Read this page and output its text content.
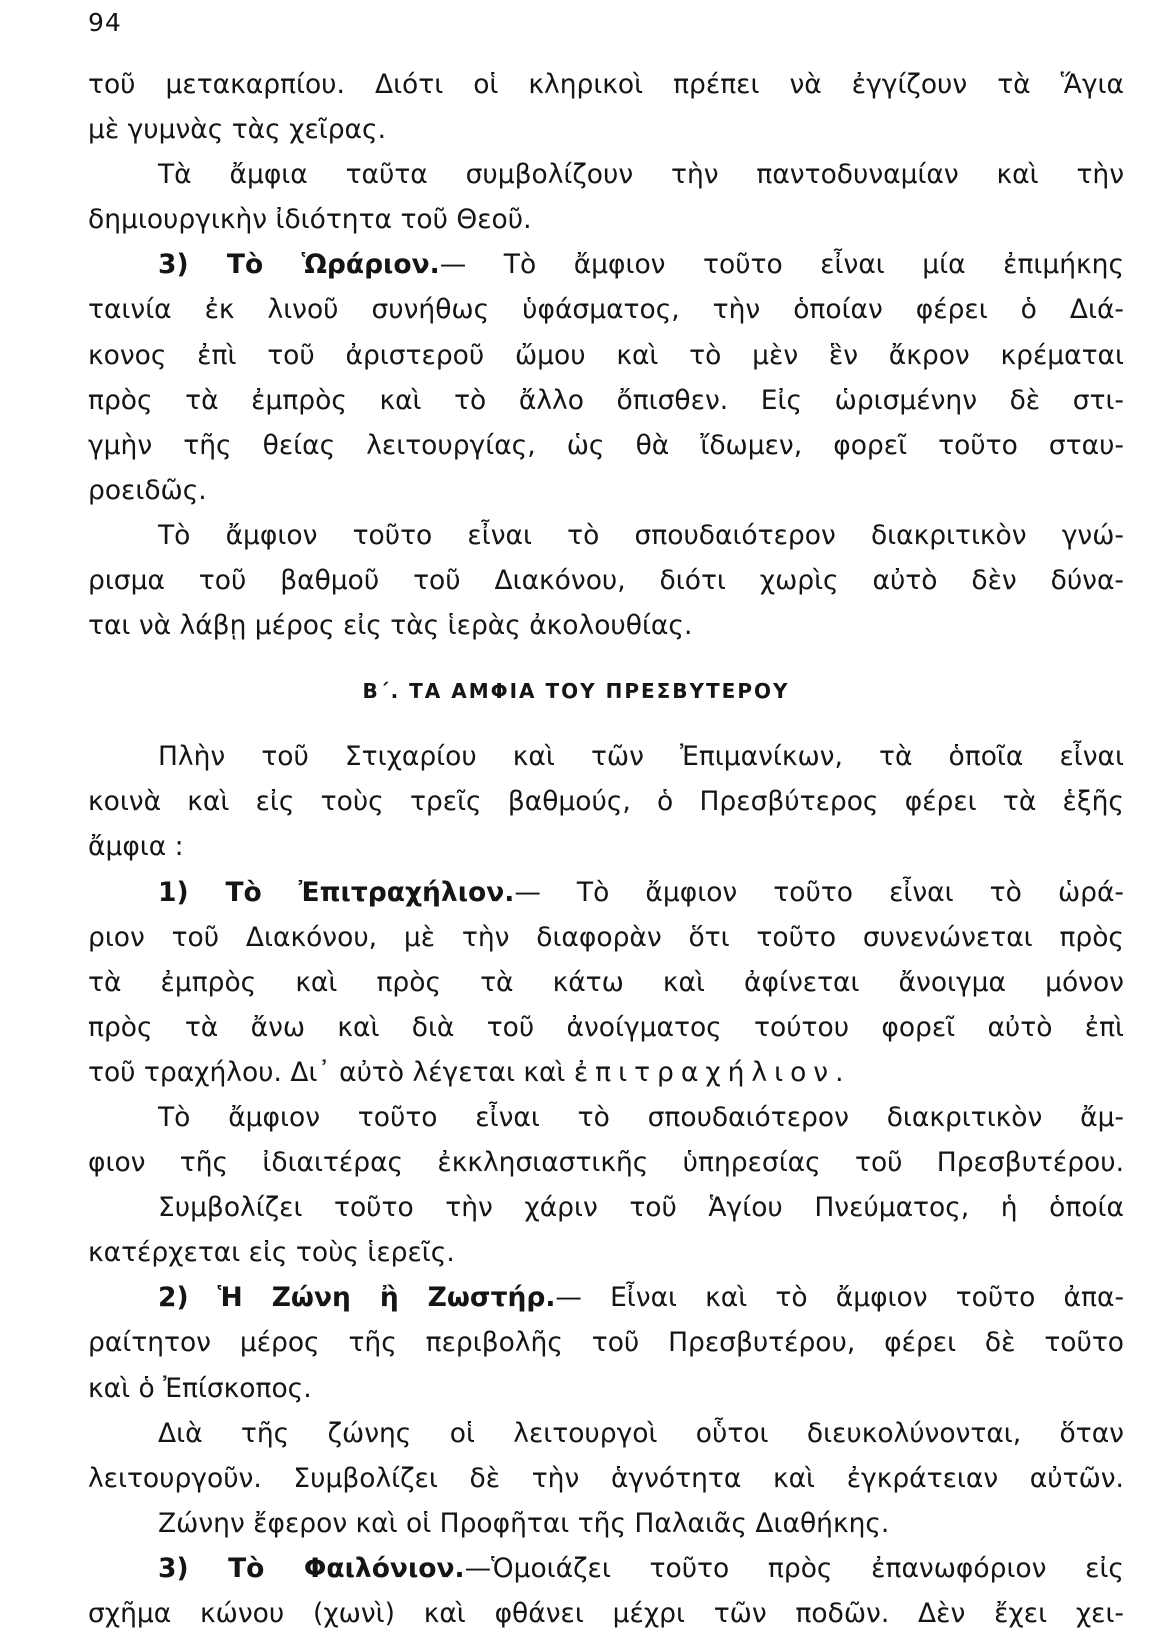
94
τοῦ μετακαρπίου. Διότι οἱ κληρικοὶ πρέπει νὰ ἐγγίζουν τὰ Ἅγια
μὲ γυμνὰς τὰς χεῖρας.
Τὰ ἄμφια ταῦτα συμβολίζουν τὴν παντοδυναμίαν καὶ τὴν
δημιουργικὴν ἰδιότητα τοῦ Θεοῦ.
3) Τὸ Ὡράριον.— Τὸ ἄμφιον τοῦτο εἶναι μία ἐπιμήκης
ταινία ἐκ λινοῦ συνήθως ὑφάσματος, τὴν ὁποίαν φέρει ὁ Διά-
κονος ἐπὶ τοῦ ἀριστεροῦ ὤμου καὶ τὸ μὲν ἓν ἄκρον κρέμαται
πρὸς τὰ ἐμπρὸς καὶ τὸ ἄλλο ὄπισθεν. Εἰς ὡρισμένην δὲ στι-
γμὴν τῆς θείας λειτουργίας, ὡς θὰ ἴδωμεν, φορεῖ τοῦτο σταυ-
ροειδῶς.
Τὸ ἄμφιον τοῦτο εἶναι τὸ σπουδαιότερον διακριτικὸν γνώ-
ρισμα τοῦ βαθμοῦ τοῦ Διακόνου, διότι χωρὶς αὐτὸ δὲν δύνα-
ται νὰ λάβῃ μέρος εἰς τὰς ἱερὰς ἀκολουθίας.
Β΄. ΤΑ ΑΜΦΙΑ ΤΟΥ ΠΡΕΣΒΥΤΕΡΟΥ
Πλὴν τοῦ Στιχαρίου καὶ τῶν Ἐπιμανίκων, τὰ ὁποῖα εἶναι
κοινὰ καὶ εἰς τοὺς τρεῖς βαθμούς, ὁ Πρεσβύτερος φέρει τὰ ἑξῆς
ἄμφια :
1) Τὸ Ἐπιτραχήλιον.— Τὸ ἄμφιον τοῦτο εἶναι τὸ ὡρά-
ριον τοῦ Διακόνου, μὲ τὴν διαφορὰν ὅτι τοῦτο συνενώνεται πρὸς
τὰ ἐμπρὸς καὶ πρὸς τὰ κάτω καὶ ἀφίνεται ἄνοιγμα μόνον
πρὸς τὰ ἄνω καὶ διὰ τοῦ ἀνοίγματος τούτου φορεῖ αὐτὸ ἐπὶ
τοῦ τραχήλου. Δι᾿ αὐτὸ λέγεται καὶ ἐπιτραχήλιον.
Τὸ ἄμφιον τοῦτο εἶναι τὸ σπουδαιότερον διακριτικὸν ἄμ-
φιον τῆς ἰδιαιτέρας ἐκκλησιαστικῆς ὑπηρεσίας τοῦ Πρεσβυτέρου.
Συμβολίζει τοῦτο τὴν χάριν τοῦ Ἁγίου Πνεύματος, ἡ ὁποία
κατέρχεται εἰς τοὺς ἱερεῖς.
2) Ἡ Ζώνη ἢ Ζωστήρ.— Εἶναι καὶ τὸ ἄμφιον τοῦτο ἀπα-
ραίτητον μέρος τῆς περιβολῆς τοῦ Πρεσβυτέρου, φέρει δὲ τοῦτο
καὶ ὁ Ἐπίσκοπος.
Διὰ τῆς ζώνης οἱ λειτουργοὶ οὗτοι διευκολύνονται, ὅταν
λειτουργοῦν. Συμβολίζει δὲ τὴν ἁγνότητα καὶ ἐγκράτειαν αὐτῶν.
Ζώνην ἔφερον καὶ οἱ Προφῆται τῆς Παλαιᾶς Διαθήκης.
3) Τὸ Φαιλόνιον.—Ὁμοιάζει τοῦτο πρὸς ἐπανωφόριον εἰς
σχῆμα κώνου (χωνὶ) καὶ φθάνει μέχρι τῶν ποδῶν. Δὲν ἔχει χει-
